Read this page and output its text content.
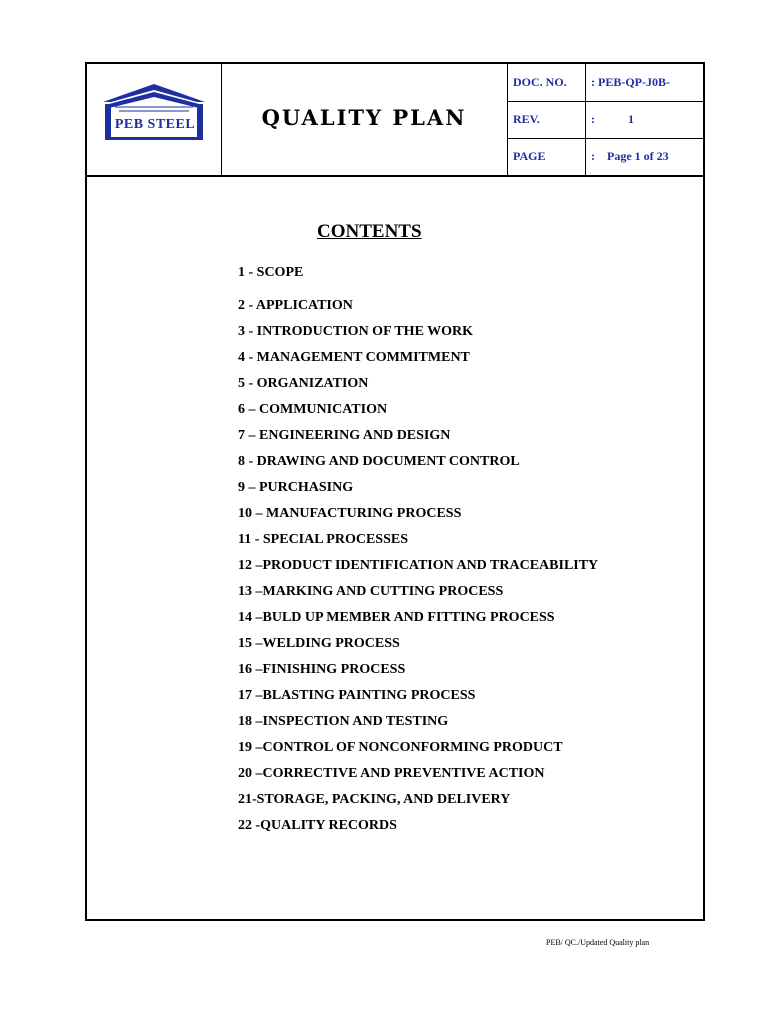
PEB STEEL	QUALITY PLAN
DOC. NO.	: PEB-QP-J0B-
REV.	:           1
PAGE	:    Page 1 of 23
CONTENTS
1 - SCOPE
2 - APPLICATION
3 - INTRODUCTION OF THE WORK
4 - MANAGEMENT COMMITMENT
5 - ORGANIZATION
6 – COMMUNICATION
7 – ENGINEERING AND DESIGN
8 - DRAWING AND DOCUMENT CONTROL
9 – PURCHASING
10 – MANUFACTURING PROCESS
11 - SPECIAL PROCESSES
12 –PRODUCT IDENTIFICATION AND TRACEABILITY
13 –MARKING AND CUTTING PROCESS
14 –BULD UP MEMBER AND FITTING PROCESS
15 –WELDING PROCESS
16 –FINISHING PROCESS
17 –BLASTING PAINTING PROCESS
18 –INSPECTION AND TESTING
19 –CONTROL OF NONCONFORMING PRODUCT
20 –CORRECTIVE AND PREVENTIVE ACTION
21-STORAGE, PACKING, AND DELIVERY
22 -QUALITY RECORDS
PEB/ QC./Updated Quality plan
